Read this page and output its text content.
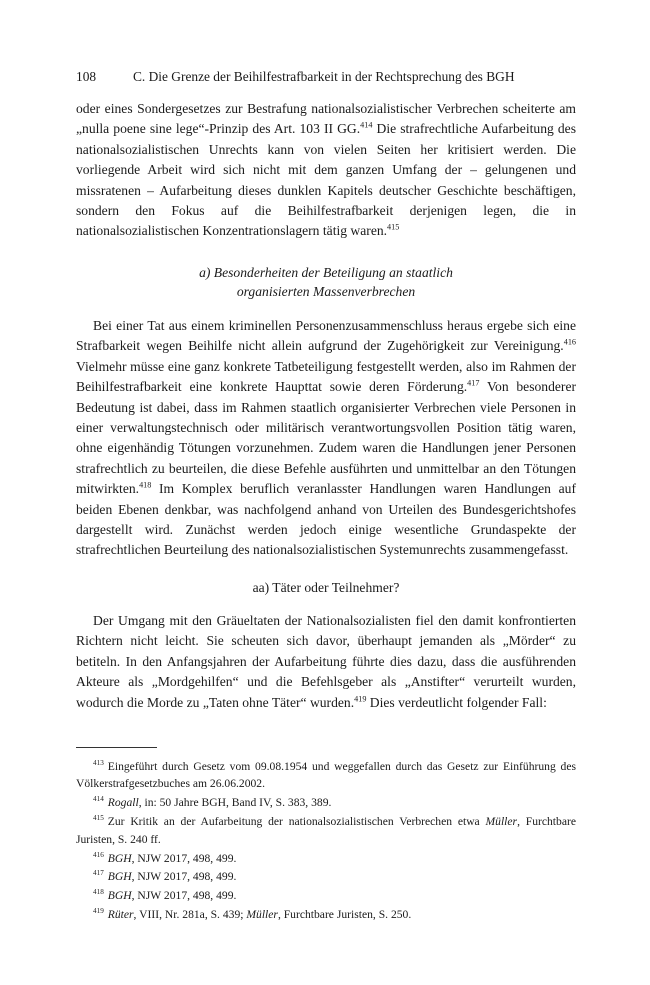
108	C. Die Grenze der Beihilfestrafbarkeit in der Rechtsprechung des BGH

oder eines Sondergesetzes zur Bestrafung nationalsozialistischer Verbrechen scheiterte am „nulla poene sine lege“-Prinzip des Art. 103 II GG.$^{414}$ Die strafrechtliche Aufarbeitung des nationalsozialistischen Unrechts kann von vielen Seiten her kritisiert werden. Die vorliegende Arbeit wird sich nicht mit dem ganzen Umfang der – gelungenen und missratenen – Aufarbeitung dieses dunklen Kapitels deutscher Geschichte beschäftigen, sondern den Fokus auf die Beihilfestrafbarkeit derjenigen legen, die in nationalsozialistischen Konzentrationslagern tätig waren.$^{415}$

a) Besonderheiten der Beteiligung an staatlich
organisierten Massenverbrechen

Bei einer Tat aus einem kriminellen Personenzusammenschluss heraus ergebe sich eine Strafbarkeit wegen Beihilfe nicht allein aufgrund der Zugehörigkeit zur Vereinigung.$^{416}$ Vielmehr müsse eine ganz konkrete Tatbeteiligung festgestellt werden, also im Rahmen der Beihilfestrafbarkeit eine konkrete Haupttat sowie deren Förderung.$^{417}$ Von besonderer Bedeutung ist dabei, dass im Rahmen staatlich organisierter Verbrechen viele Personen in einer verwaltungstechnisch oder militärisch verantwortungsvollen Position tätig waren, ohne eigenhändig Tötungen vorzunehmen. Zudem waren die Handlungen jener Personen strafrechtlich zu beurteilen, die diese Befehle ausführten und unmittelbar an den Tötungen mitwirkten.$^{418}$ Im Komplex beruflich veranlasster Handlungen waren Handlungen auf beiden Ebenen denkbar, was nachfolgend anhand von Urteilen des Bundesgerichtshofes dargestellt wird. Zunächst werden jedoch einige wesentliche Grundaspekte der strafrechtlichen Beurteilung des nationalsozialistischen Systemunrechts zusammengefasst.

aa) Täter oder Teilnehmer?

Der Umgang mit den Gräueltaten der Nationalsozialisten fiel den damit konfrontierten Richtern nicht leicht. Sie scheuten sich davor, überhaupt jemanden als „Mörder“ zu betiteln. In den Anfangsjahren der Aufarbeitung führte dies dazu, dass die ausführenden Akteure als „Mordgehilfen“ und die Befehlsgeber als „Anstifter“ verurteilt wurden, wodurch die Morde zu „Taten ohne Täter“ wurden.$^{419}$ Dies verdeutlicht folgender Fall:

$^{413}$ Eingeführt durch Gesetz vom 09.08.1954 und weggefallen durch das Gesetz zur Einführung des Völkerstrafgesetzbuches am 26.06.2002.

$^{414}$ Rogall, in: 50 Jahre BGH, Band IV, S. 383, 389.

$^{415}$ Zur Kritik an der Aufarbeitung der nationalsozialistischen Verbrechen etwa Müller, Furchtbare Juristen, S. 240 ff.

$^{416}$ BGH, NJW 2017, 498, 499.

$^{417}$ BGH, NJW 2017, 498, 499.

$^{418}$ BGH, NJW 2017, 498, 499.

$^{419}$ Rüter, VIII, Nr. 281a, S. 439; Müller, Furchtbare Juristen, S. 250.
